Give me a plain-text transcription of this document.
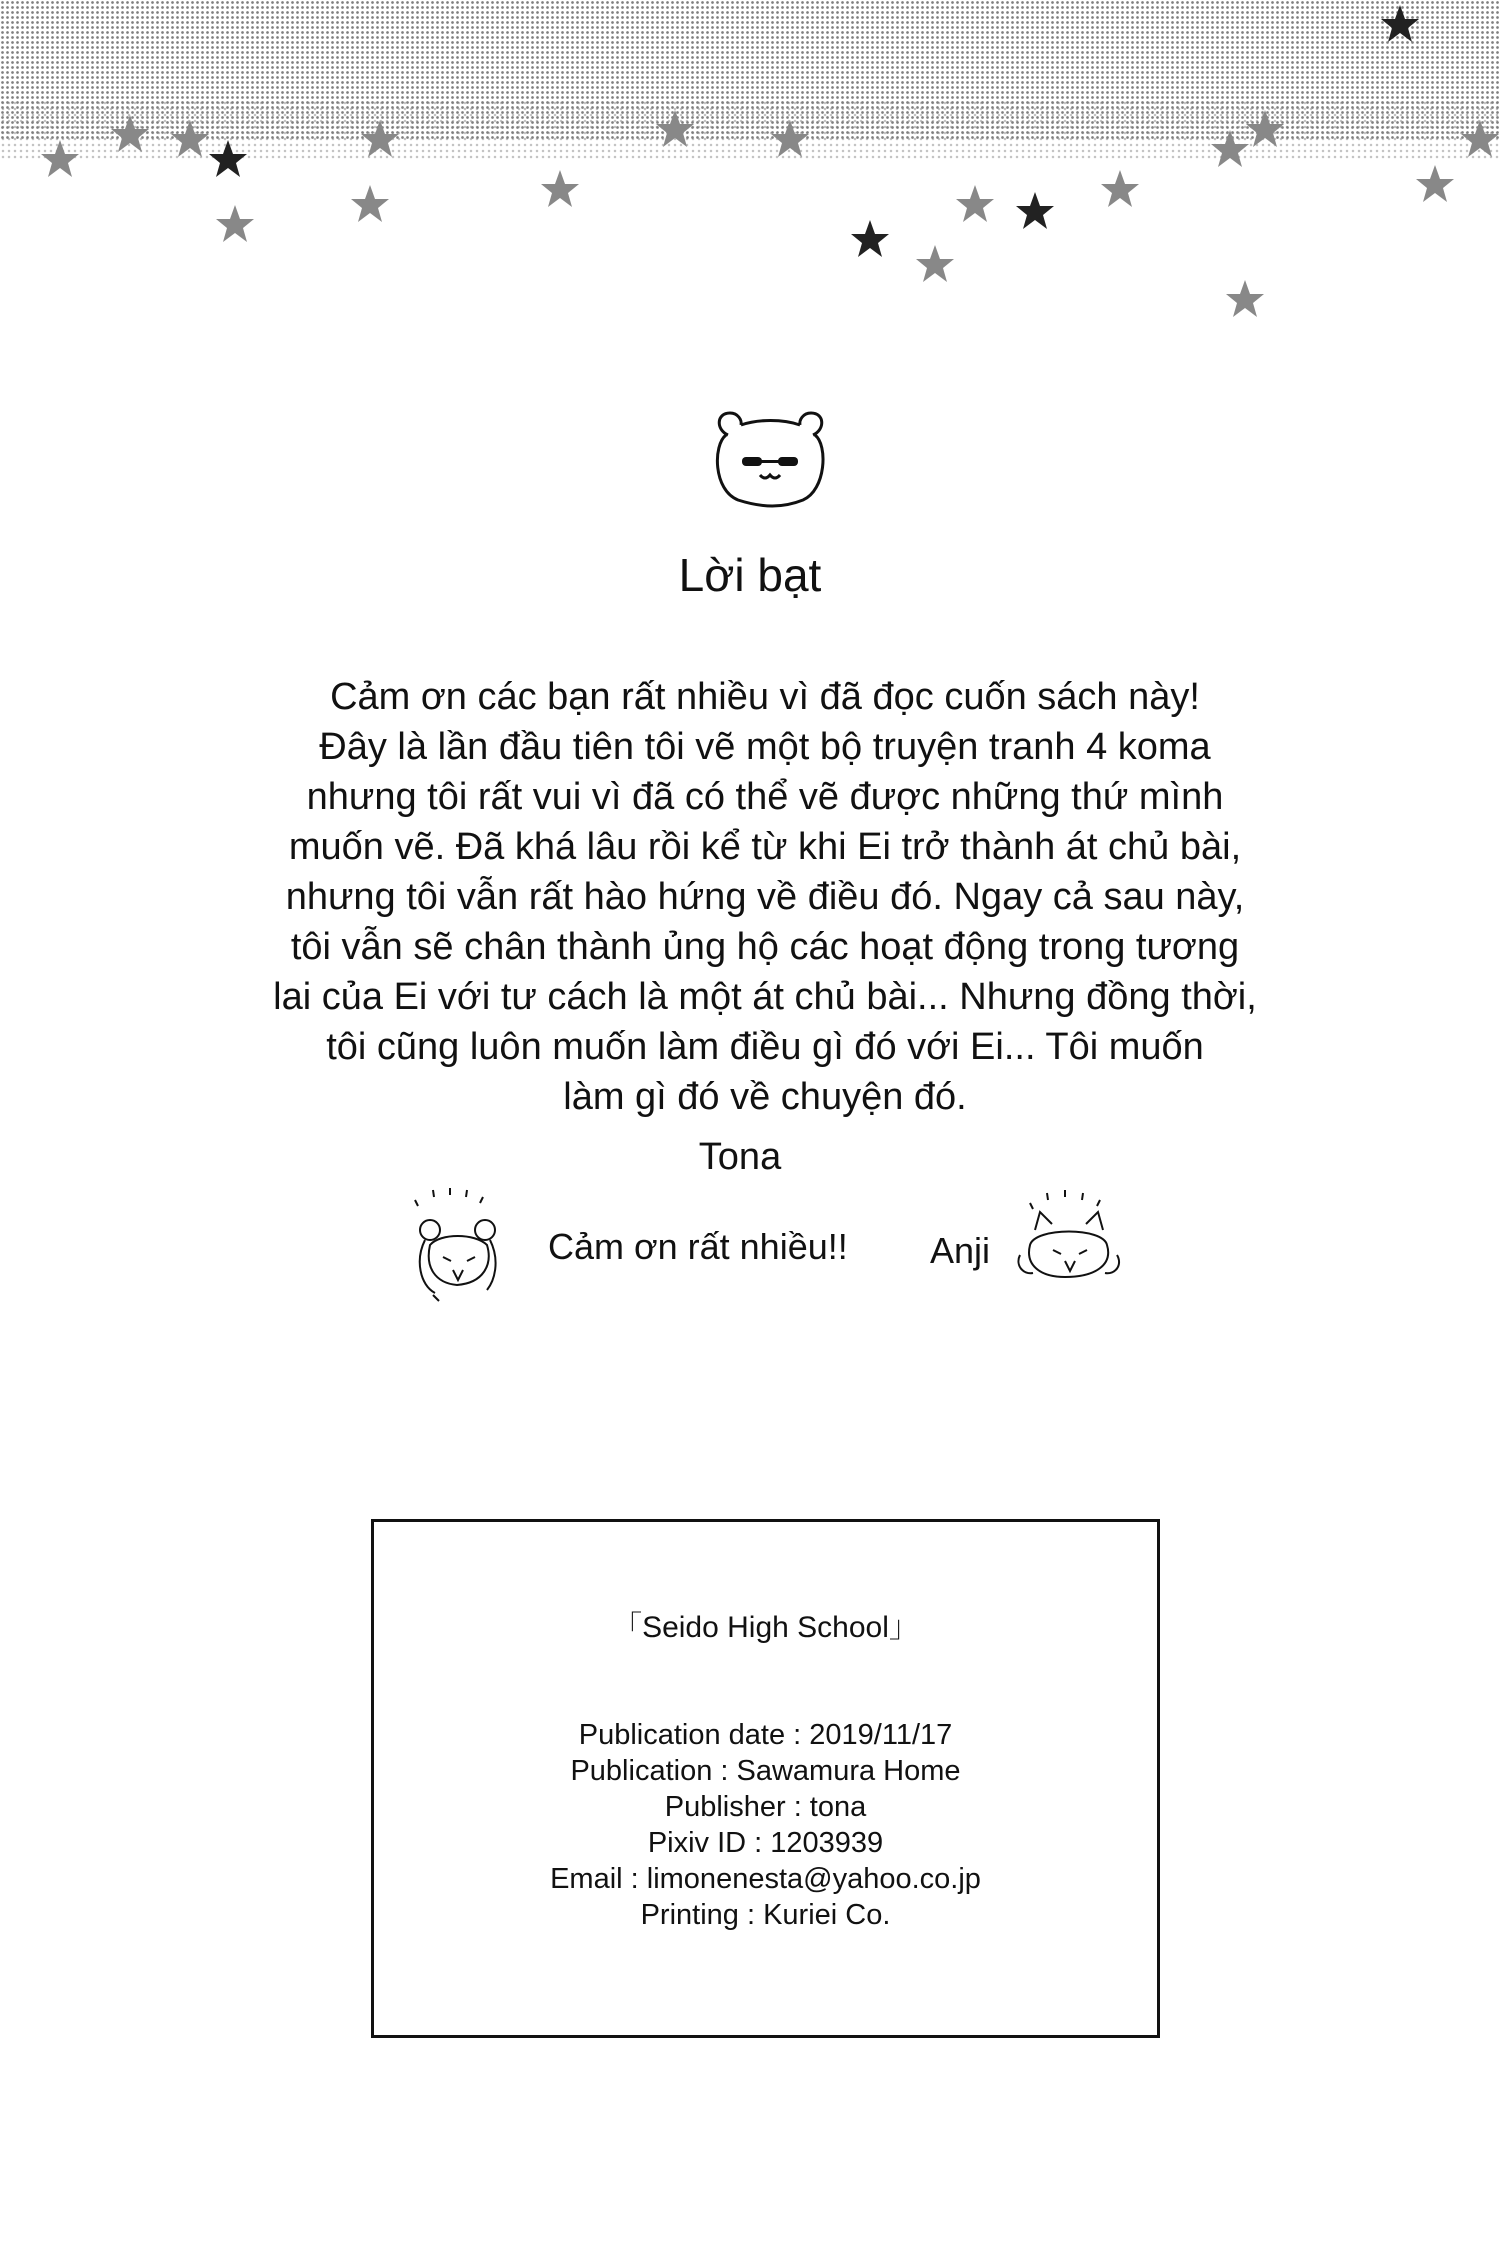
Lời bạt
Cảm ơn các bạn rất nhiều vì đã đọc cuốn sách này!
Đây là lần đầu tiên tôi vẽ một bộ truyện tranh 4 koma
nhưng tôi rất vui vì đã có thể vẽ được những thứ mình
muốn vẽ. Đã khá lâu rồi kể từ khi Ei trở thành át chủ bài,
nhưng tôi vẫn rất hào hứng về điều đó. Ngay cả sau này,
tôi vẫn sẽ chân thành ủng hộ các hoạt động trong tương
lai của Ei với tư cách là một át chủ bài... Nhưng đồng thời,
tôi cũng luôn muốn làm điều gì đó với Ei... Tôi muốn
làm gì đó về chuyện đó.
Tona
Cảm ơn rất nhiều!! Anji
「Seido High School」
Publication date : 2019/11/17
Publication : Sawamura Home
Publisher : tona
Pixiv ID : 1203939
Email : limonenesta@yahoo.co.jp
Printing : Kuriei Co.
